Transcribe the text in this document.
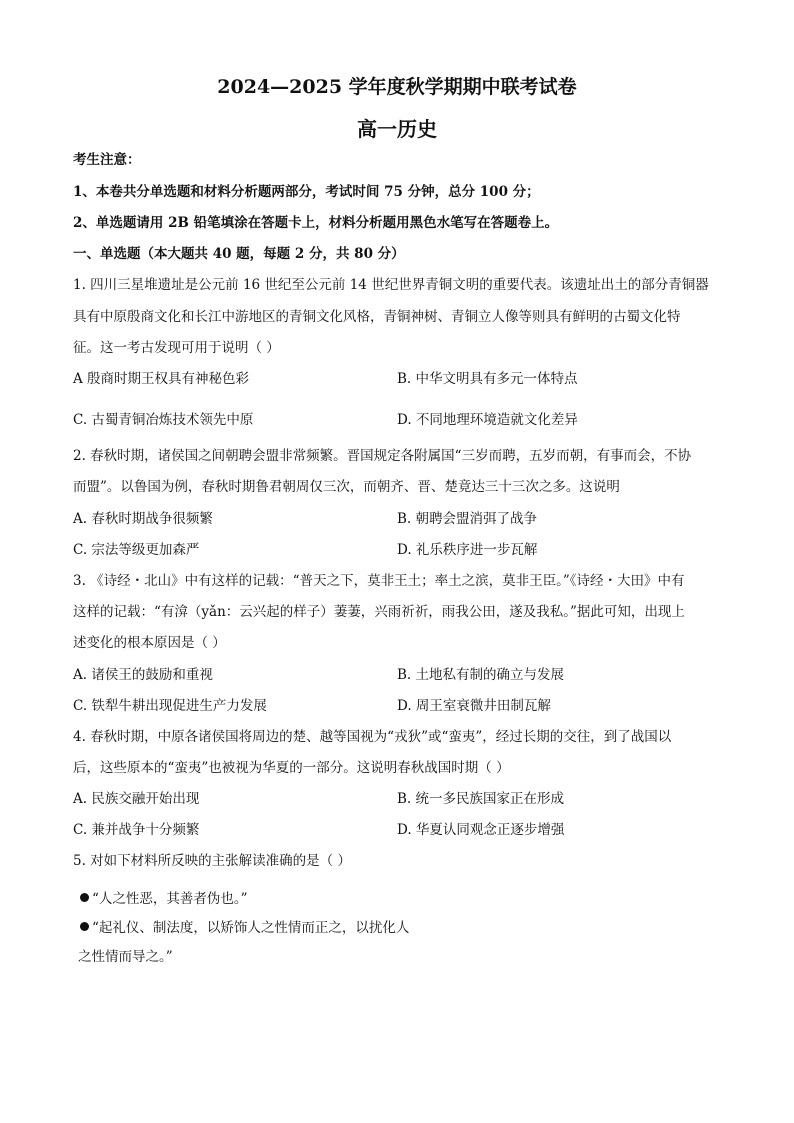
2024—2025 学年度秋学期期中联考试卷
高一历史
考生注意：
1、本卷共分单选题和材料分析题两部分，考试时间 75 分钟，总分 100 分；
2、单选题请用 2B 铅笔填涂在答题卡上，材料分析题用黑色水笔写在答题卷上。
一、单选题（本大题共 40 题，每题 2 分，共 80 分）
1. 四川三星堆遗址是公元前 16 世纪至公元前 14 世纪世界青铜文明的重要代表。该遗址出土的部分青铜器
具有中原殷商文化和长江中游地区的青铜文化风格，青铜神树、青铜立人像等则具有鲜明的古蜀文化特
征。这一考古发现可用于说明（ ）
A 殷商时期王权具有神秘色彩	B. 中华文明具有多元一体特点
C. 古蜀青铜冶炼技术领先中原	D. 不同地理环境造就文化差异
2. 春秋时期，诸侯国之间朝聘会盟非常频繁。晋国规定各附属国“三岁而聘，五岁而朝，有事而会，不协
而盟”。以鲁国为例，春秋时期鲁君朝周仅三次，而朝齐、晋、楚竟达三十三次之多。这说明
A. 春秋时期战争很频繁	B. 朝聘会盟消弭了战争
C. 宗法等级更加森严	D. 礼乐秩序进一步瓦解
3. 《诗经・北山》中有这样的记载：“普天之下，莫非王土；率土之滨，莫非王臣。”《诗经・大田》中有
这样的记载：“有渰（yǎn：云兴起的样子）萋萋，兴雨祈祈，雨我公田，遂及我私。”据此可知，出现上
述变化的根本原因是（ ）
A. 诸侯王的鼓励和重视	B. 土地私有制的确立与发展
C. 铁犁牛耕出现促进生产力发展	D. 周王室衰微井田制瓦解
4. 春秋时期，中原各诸侯国将周边的楚、越等国视为“戎狄”或“蛮夷”，经过长期的交往，到了战国以
后，这些原本的“蛮夷”也被视为华夏的一部分。这说明春秋战国时期（ ）
A. 民族交融开始出现	B. 统一多民族国家正在形成
C. 兼并战争十分频繁	D. 华夏认同观念正逐步增强
5. 对如下材料所反映的主张解读准确的是（ ）
“人之性恶，其善者伪也。”
“起礼仪、制法度，以矫饰人之性情而正之，以扰化人
之性情而导之。”
